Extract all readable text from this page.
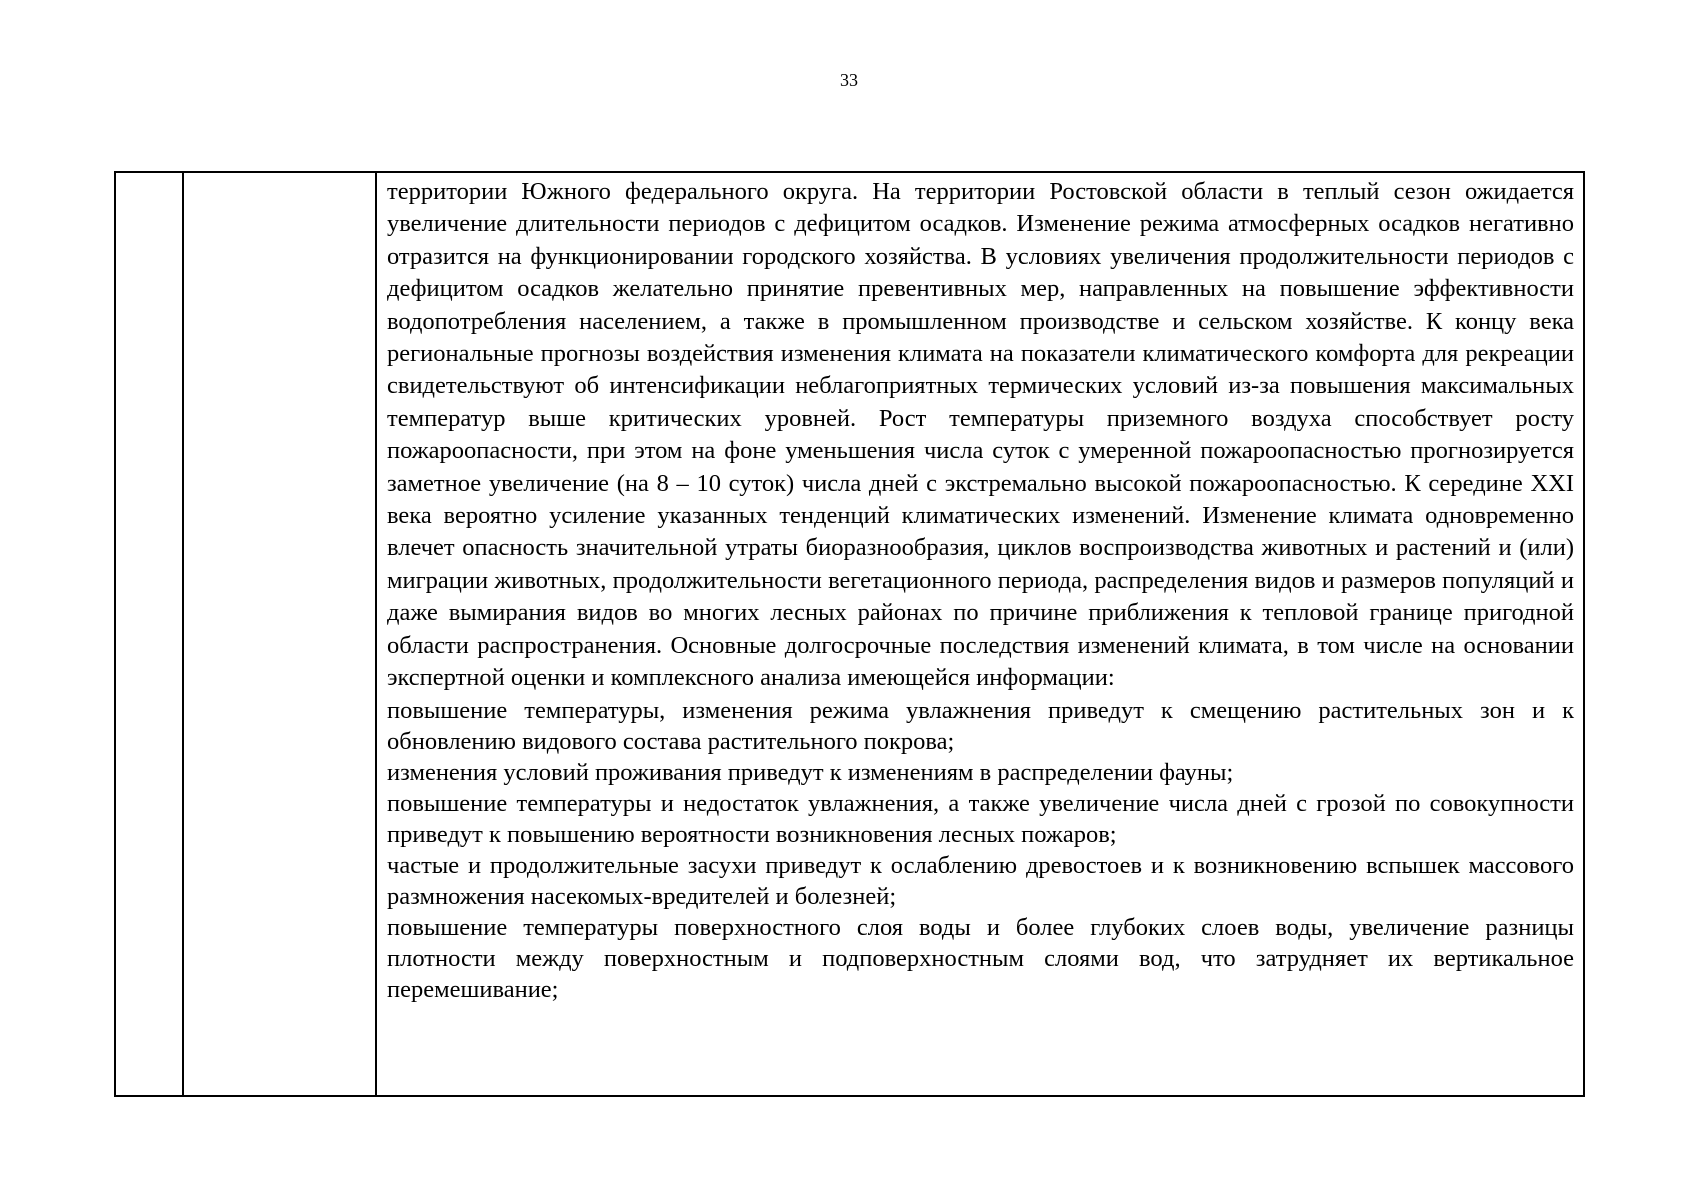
33

территории Южного федерального округа. На территории Ростовской области в теплый сезон ожидается увеличение длительности периодов с дефицитом осадков. Изменение режима атмосферных осадков негативно отразится на функционировании городского хозяйства. В условиях увеличения продолжительности периодов с дефицитом осадков желательно принятие превентивных мер, направленных на повышение эффективности водопотребления населением, а также в промышленном производстве и сельском хозяйстве. К концу века региональные прогнозы воздействия изменения климата на показатели климатического комфорта для рекреации свидетельствуют об интенсификации неблагоприятных термических условий из-за повышения максимальных температур выше критических уровней. Рост температуры приземного воздуха способствует росту пожароопасности, при этом на фоне уменьшения числа суток с умеренной пожароопасностью прогнозируется заметное увеличение (на 8 – 10 суток) числа дней с экстремально высокой пожароопасностью. К середине XXI века вероятно усиление указанных тенденций климатических изменений. Изменение климата одновременно влечет опасность значительной утраты биоразнообразия, циклов воспроизводства животных и растений и (или) миграции животных, продолжительности вегетационного периода, распределения видов и размеров популяций и даже вымирания видов во многих лесных районах по причине приближения к тепловой границе пригодной области распространения. Основные долгосрочные последствия изменений климата, в том числе на основании экспертной оценки и комплексного анализа имеющейся информации:

повышение температуры, изменения режима увлажнения приведут к смещению растительных зон и к обновлению видового состава растительного покрова;

изменения условий проживания приведут к изменениям в распределении фауны;

повышение температуры и недостаток увлажнения, а также увеличение числа дней с грозой по совокупности приведут к повышению вероятности возникновения лесных пожаров;

частые и продолжительные засухи приведут к ослаблению древостоев и к возникновению вспышек массового размножения насекомых-вредителей и болезней;

повышение температуры поверхностного слоя воды и более глубоких слоев воды, увеличение разницы плотности между поверхностным и подповерхностным слоями вод, что затрудняет их вертикальное перемешивание;
